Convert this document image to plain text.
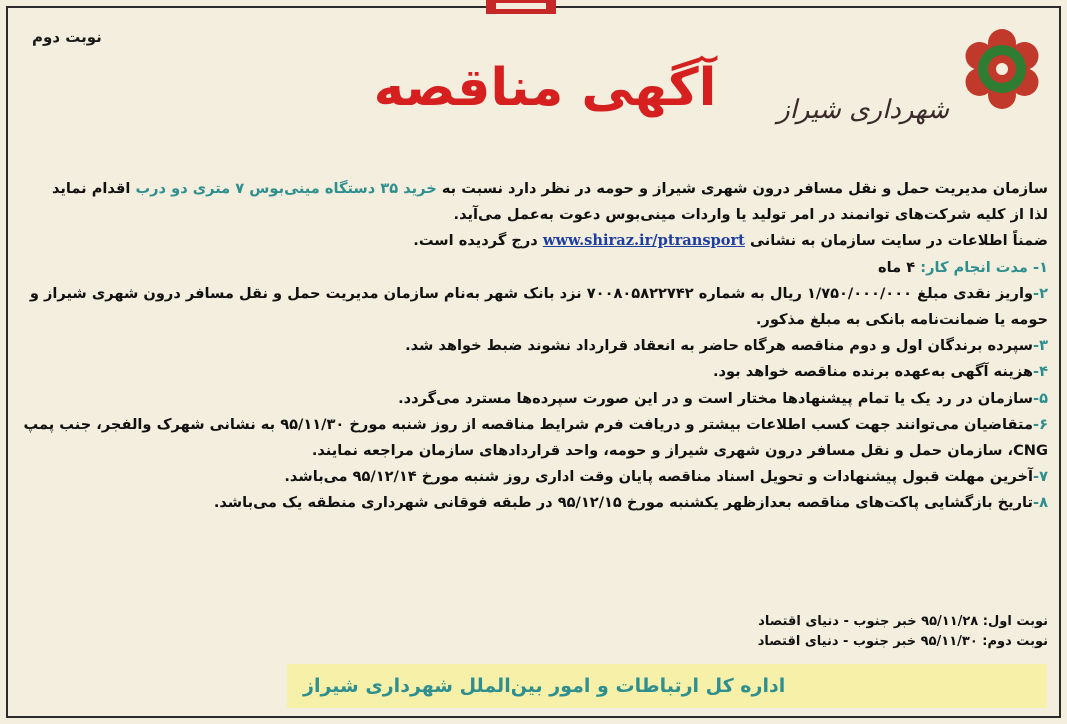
نوبت دوم
آگهی مناقصه	شهرداری شیراز

سازمان مدیریت حمل و نقل مسافر درون شهری شیراز و حومه در نظر دارد نسبت به خرید ۳۵ دستگاه مینی‌بوس ۷ متری دو درب اقدام نماید

لذا از کلیه شرکت‌های توانمند در امر تولید یا واردات مینی‌بوس دعوت به‌عمل می‌آید.

ضمناً اطلاعات در سایت سازمان به نشانی www.shiraz.ir/ptransport درج گردیده است.

۱- مدت انجام کار: ۴ ماه

۲-واریز نقدی مبلغ ۱/۷۵۰/۰۰۰/۰۰۰ ریال به شماره ۷۰۰۸۰۵۸۲۲۷۴۲ نزد بانک شهر به‌نام سازمان مدیریت حمل و نقل مسافر درون شهری شیراز و حومه یا ضمانت‌نامه بانکی به مبلغ مذکور.

۳-سپرده برندگان اول و دوم مناقصه هرگاه حاضر به انعقاد قرارداد نشوند ضبط خواهد شد.

۴-هزینه آگهی به‌عهده برنده مناقصه خواهد بود.

۵-سازمان در رد یک یا تمام پیشنهادها مختار است و در این صورت سپرده‌ها مسترد می‌گردد.

۶-متقاضیان می‌توانند جهت کسب اطلاعات بیشتر و دریافت فرم شرایط مناقصه از روز شنبه مورخ ۹۵/۱۱/۳۰ به نشانی شهرک والفجر، جنب پمپ CNG، سازمان حمل و نقل مسافر درون شهری شیراز و حومه، واحد قراردادهای سازمان مراجعه نمایند.

۷-آخرین مهلت قبول پیشنهادات و تحویل اسناد مناقصه پایان وقت اداری روز شنبه مورخ ۹۵/۱۲/۱۴ می‌باشد.

۸-تاریخ بازگشایی پاکت‌های مناقصه بعدازظهر یکشنبه مورخ ۹۵/۱۲/۱۵ در طبقه فوقانی شهرداری منطقه یک می‌باشد.

نوبت اول: ۹۵/۱۱/۲۸ خبر جنوب - دنیای اقتصاد

نوبت دوم: ۹۵/۱۱/۳۰ خبر جنوب - دنیای اقتصاد

اداره کل ارتباطات و امور بین‌الملل شهرداری شیراز
